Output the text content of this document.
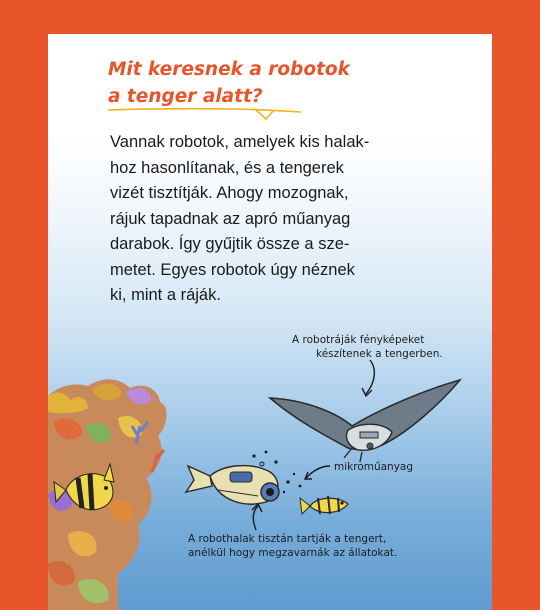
Mit keresnek a robotok
a tenger alatt?
Vannak robotok, amelyek kis halak-
hoz hasonlítanak, és a tengerek
vizét tisztítják. Ahogy mozognak,
rájuk tapadnak az apró műanyag
darabok. Így gyűjtik össze a sze-
metet. Egyes robotok úgy néznek
ki, mint a ráják.
A robotráják fényképeket
készítenek a tengerben.
mikroműanyag
A robothalak tisztán tartják a tengert,
anélkül hogy megzavarnák az állatokat.
